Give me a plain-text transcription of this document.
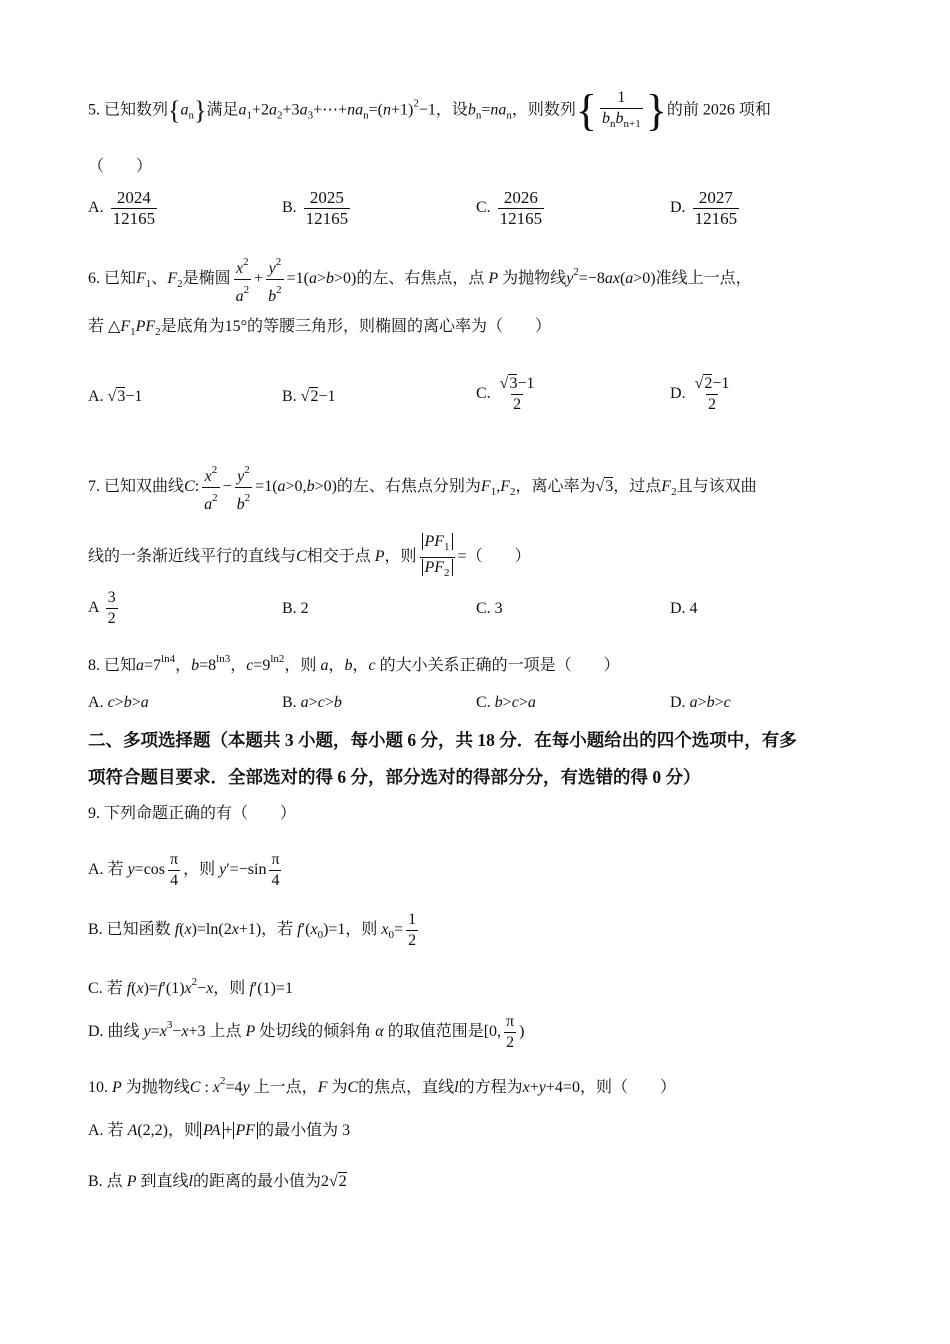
5. 已知数列$\{a_n\}$满足$a_1+2a_2+3a_3+\cdots+na_n=(n+1)^2-1$，设$b_n=na_n$，则数列{ $\frac{1}{b_nb_{n+1}}$ }的前 2026 项和
（　　）
A. $\frac{2024}{12165}$	B. $\frac{2025}{12165}$	C. $\frac{2026}{12165}$	D. $\frac{2027}{12165}$
6. 已知$F_1$、$F_2$是椭圆 $\frac{x^2}{a^2} + \frac{y^2}{b^2} =1(a>b>0)$的左、右焦点，点 P 为抛物线$y^2=-8ax(a>0)$准线上一点，
若 $\triangle F_1PF_2$是底角为15°的等腰三角形，则椭圆的离心率为（　　）
A. √3−1	B. √2−1	C. $\frac{√3-1}{2}$	D. $\frac{√2-1}{2}$
7. 已知双曲线C: $\frac{x^2}{a^2} - \frac{y^2}{b^2} =1(a>0,b>0)$的左、右焦点分别为$F_1,F_2$，离心率为√3，过点$F_2$且与该双曲
线的一条渐近线平行的直线与C相交于点 P，则 $\frac{PF_1}{PF_2}$ =（　　）
A $\frac{3}{2}$	B. 2	C. 3	D. 4
8. 已知$a=7^{ln4}$，$b=8^{ln3}$，$c=9^{ln2}$，则 a，b，c 的大小关系正确的一项是（　　）
A. c>b>a	B. a>c>b	C. b>c>a	D. a>b>c
二、多项选择题（本题共 3 小题，每小题 6 分，共 18 分．在每小题给出的四个选项中，有多
项符合题目要求．全部选对的得 6 分，部分选对的得部分分，有选错的得 0 分）
9. 下列命题正确的有（　　）
A. 若 $y=\cos \frac{\pi}{4}$ ，则 $y'=-\sin \frac{\pi}{4}$
B. 已知函数 f(x)=ln(2x+1)，若 $f'(x_0)=1$，则 $x_0= \frac{1}{2}$
C. 若 $f(x)=f'(1)x^2-x$，则 f′(1)=1
D. 曲线 $y=x^3-x+3$ 上点 P 处切线的倾斜角 α 的取值范围是[0, $\frac{\pi}{2}$ )
10. P 为抛物线C : $x^2=4y$ 上一点，F 为C的焦点，直线l的方程为x+y+4=0，则（　　）
A. 若 A(2,2)，则 PA + PF 的最小值为 3
B. 点 P 到直线l的距离的最小值为2√2
